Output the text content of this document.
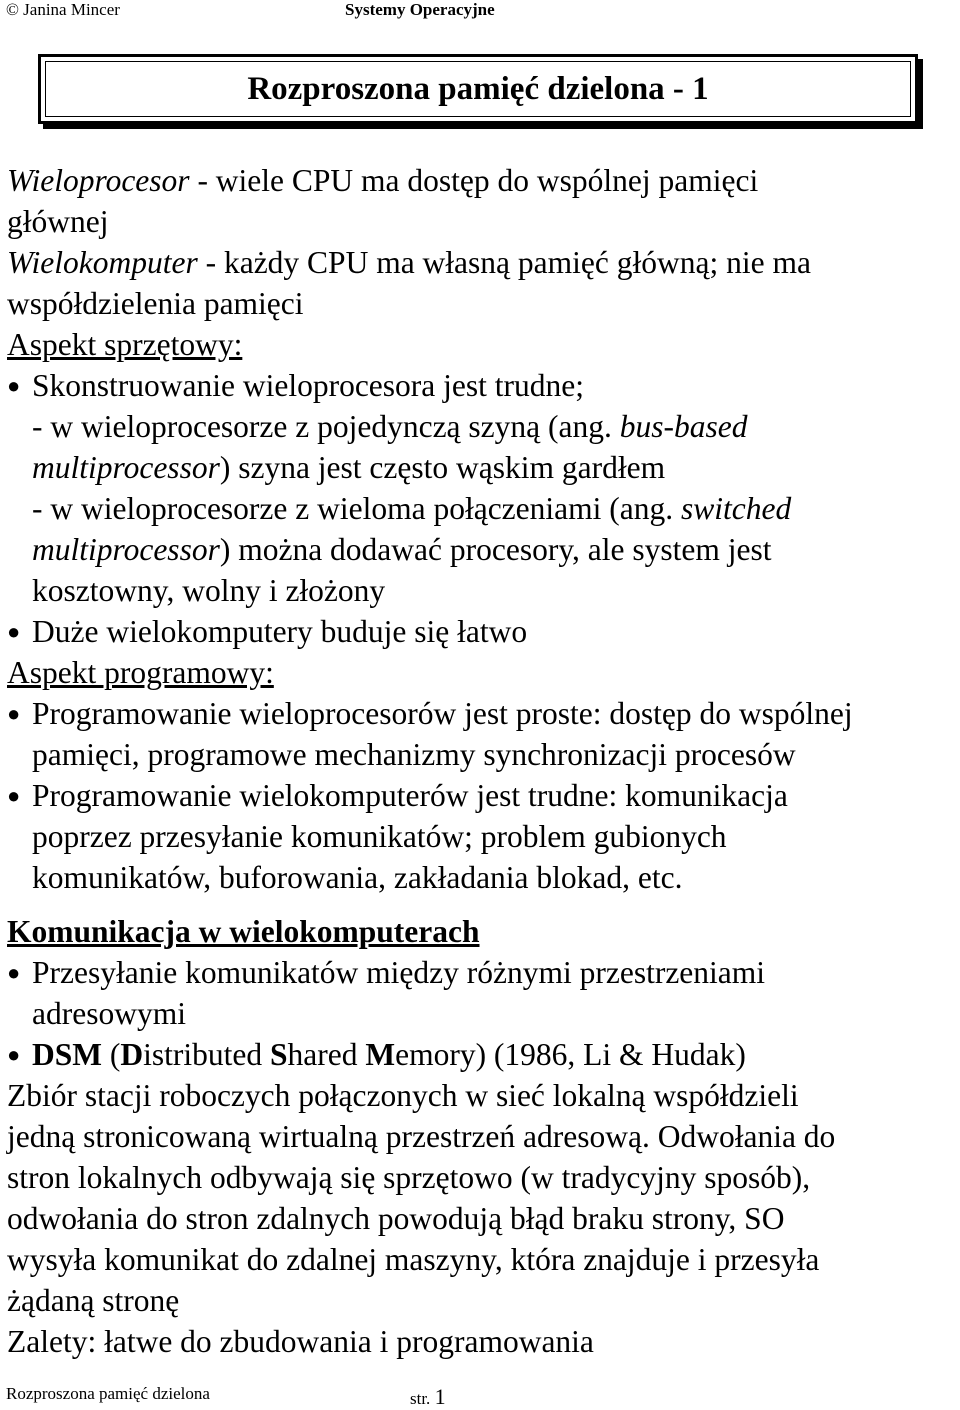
© Janina Mincer	Systemy Operacyjne
Rozproszona pamięć dzielona - 1
Wieloprocesor - wiele CPU ma dostęp do wspólnej pamięci
głównej
Wielokomputer - każdy CPU ma własną pamięć główną; nie ma
współdzielenia pamięci
Aspekt sprzętowy:
● Skonstruowanie wieloprocesora jest trudne;
- w wieloprocesorze z pojedynczą szyną (ang. bus-based
multiprocessor) szyna jest często wąskim gardłem
- w wieloprocesorze z wieloma połączeniami (ang. switched
multiprocessor) można dodawać procesory, ale system jest
kosztowny, wolny i złożony
● Duże wielokomputery buduje się łatwo
Aspekt programowy:
● Programowanie wieloprocesorów jest proste: dostęp do wspólnej
pamięci, programowe mechanizmy synchronizacji procesów
● Programowanie wielokomputerów jest trudne: komunikacja
poprzez przesyłanie komunikatów; problem gubionych
komunikatów, buforowania, zakładania blokad, etc.
Komunikacja w wielokomputerach
● Przesyłanie komunikatów między różnymi przestrzeniami
adresowymi
● DSM (Distributed Shared Memory) (1986, Li & Hudak)
Zbiór stacji roboczych połączonych w sieć lokalną współdzieli
jedną stronicowaną wirtualną przestrzeń adresową. Odwołania do
stron lokalnych odbywają się sprzętowo (w tradycyjny sposób),
odwołania do stron zdalnych powodują błąd braku strony, SO
wysyła komunikat do zdalnej maszyny, która znajduje i przesyła
żądaną stronę
Zalety: łatwe do zbudowania i programowania
Rozproszona pamięć dzielona	str. 1
